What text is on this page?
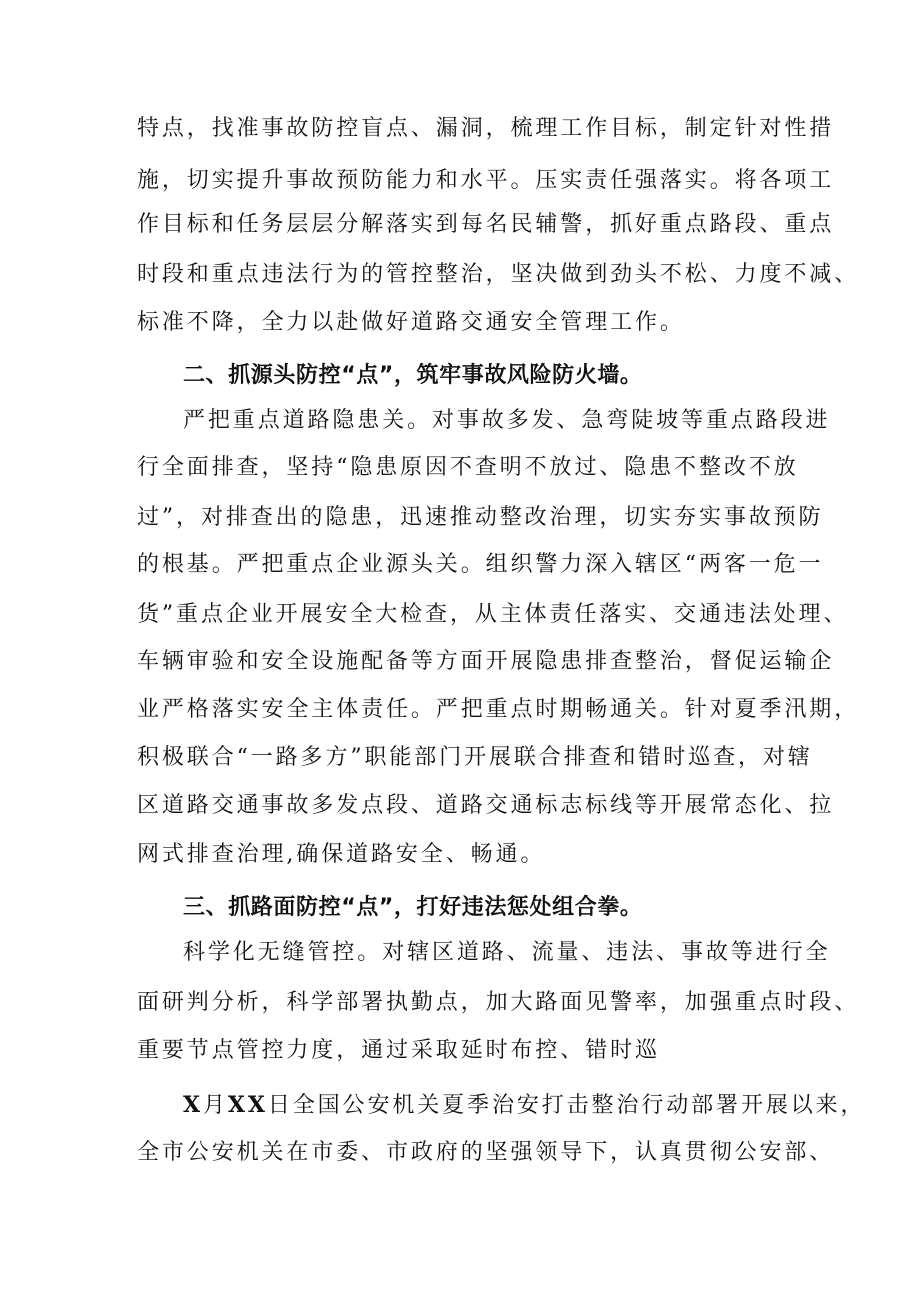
特点，找准事故防控盲点、漏洞，梳理工作目标，制定针对性措
施，切实提升事故预防能力和水平。压实责任强落实。将各项工
作目标和任务层层分解落实到每名民辅警，抓好重点路段、重点
时段和重点违法行为的管控整治，坚决做到劲头不松、力度不减、
标准不降，全力以赴做好道路交通安全管理工作。
二、抓源头防控“点”，筑牢事故风险防火墙。
严把重点道路隐患关。对事故多发、急弯陡坡等重点路段进
行全面排查，坚持“隐患原因不查明不放过、隐患不整改不放
过”，对排查出的隐患，迅速推动整改治理，切实夯实事故预防
的根基。严把重点企业源头关。组织警力深入辖区“两客一危一
货”重点企业开展安全大检查，从主体责任落实、交通违法处理、
车辆审验和安全设施配备等方面开展隐患排查整治，督促运输企
业严格落实安全主体责任。严把重点时期畅通关。针对夏季汛期，
积极联合“一路多方”职能部门开展联合排查和错时巡查，对辖
区道路交通事故多发点段、道路交通标志标线等开展常态化、拉
网式排查治理,确保道路安全、畅通。
三、抓路面防控“点”，打好违法惩处组合拳。
科学化无缝管控。对辖区道路、流量、违法、事故等进行全
面研判分析，科学部署执勤点，加大路面见警率，加强重点时段、
重要节点管控力度，通过采取延时布控、错时巡
X月XX日全国公安机关夏季治安打击整治行动部署开展以来，
全市公安机关在市委、市政府的坚强领导下，认真贯彻公安部、
